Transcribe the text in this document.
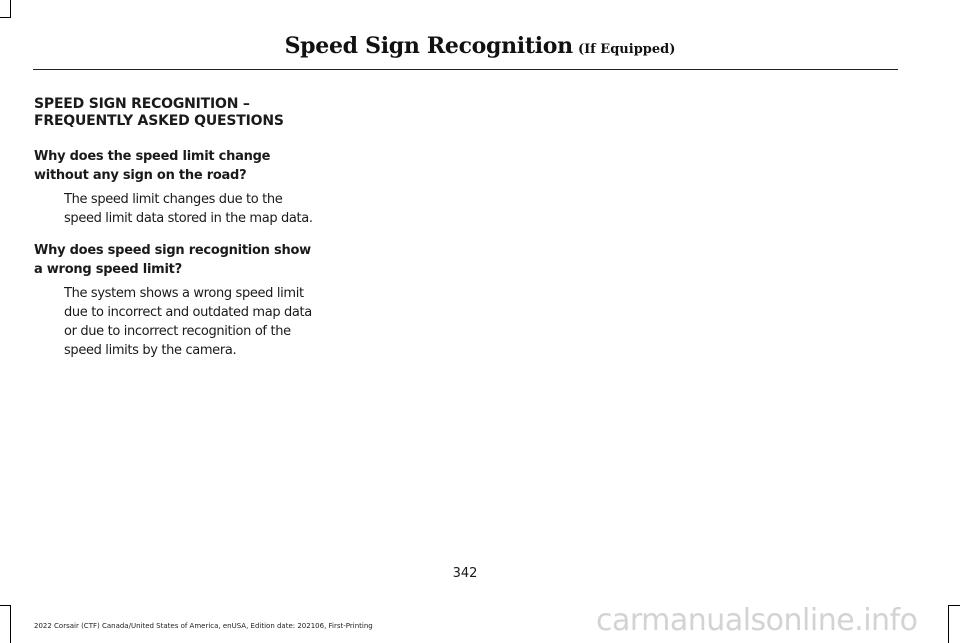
Speed Sign Recognition (If Equipped)
SPEED SIGN RECOGNITION –
FREQUENTLY ASKED QUESTIONS
Why does the speed limit change without any sign on the road?
The speed limit changes due to the speed limit data stored in the map data.
Why does speed sign recognition show a wrong speed limit?
The system shows a wrong speed limit due to incorrect and outdated map data or due to incorrect recognition of the speed limits by the camera.
342
2022 Corsair (CTF) Canada/United States of America, enUSA, Edition date: 202106, First-Printing	carmanualsonline.info
